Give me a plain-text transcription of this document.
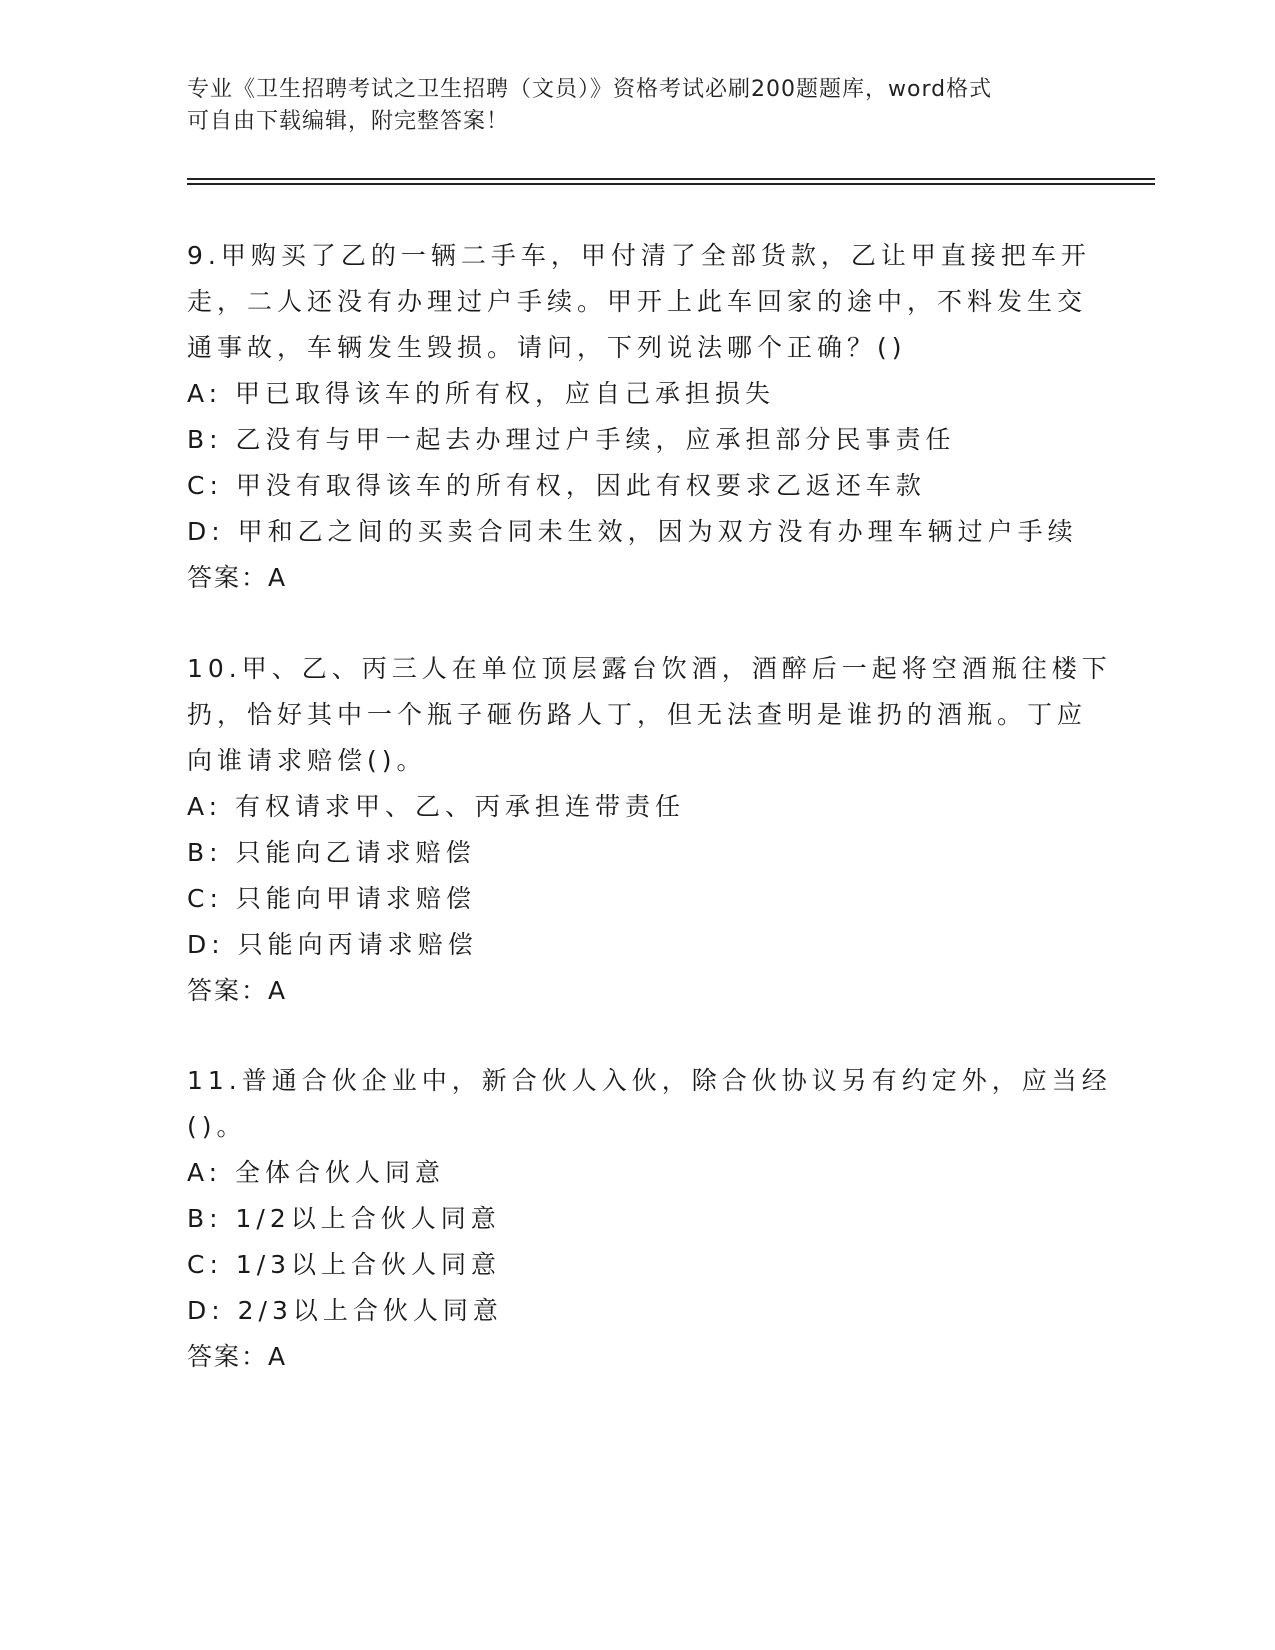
专业《卫生招聘考试之卫生招聘（文员）》资格考试必刷200题题库，word格式
可自由下载编辑，附完整答案！
9.甲购买了乙的一辆二手车，甲付清了全部货款，乙让甲直接把车开
走，二人还没有办理过户手续。甲开上此车回家的途中，不料发生交
通事故，车辆发生毁损。请问，下列说法哪个正确？()
A: 甲已取得该车的所有权，应自己承担损失
B: 乙没有与甲一起去办理过户手续，应承担部分民事责任
C: 甲没有取得该车的所有权，因此有权要求乙返还车款
D: 甲和乙之间的买卖合同未生效，因为双方没有办理车辆过户手续
答案：A
10.甲、乙、丙三人在单位顶层露台饮酒，酒醉后一起将空酒瓶往楼下
扔，恰好其中一个瓶子砸伤路人丁，但无法查明是谁扔的酒瓶。丁应
向谁请求赔偿()。
A: 有权请求甲、乙、丙承担连带责任
B: 只能向乙请求赔偿
C: 只能向甲请求赔偿
D: 只能向丙请求赔偿
答案：A
11.普通合伙企业中，新合伙人入伙，除合伙协议另有约定外，应当经
()。
A: 全体合伙人同意
B: 1/2以上合伙人同意
C: 1/3以上合伙人同意
D: 2/3以上合伙人同意
答案：A
